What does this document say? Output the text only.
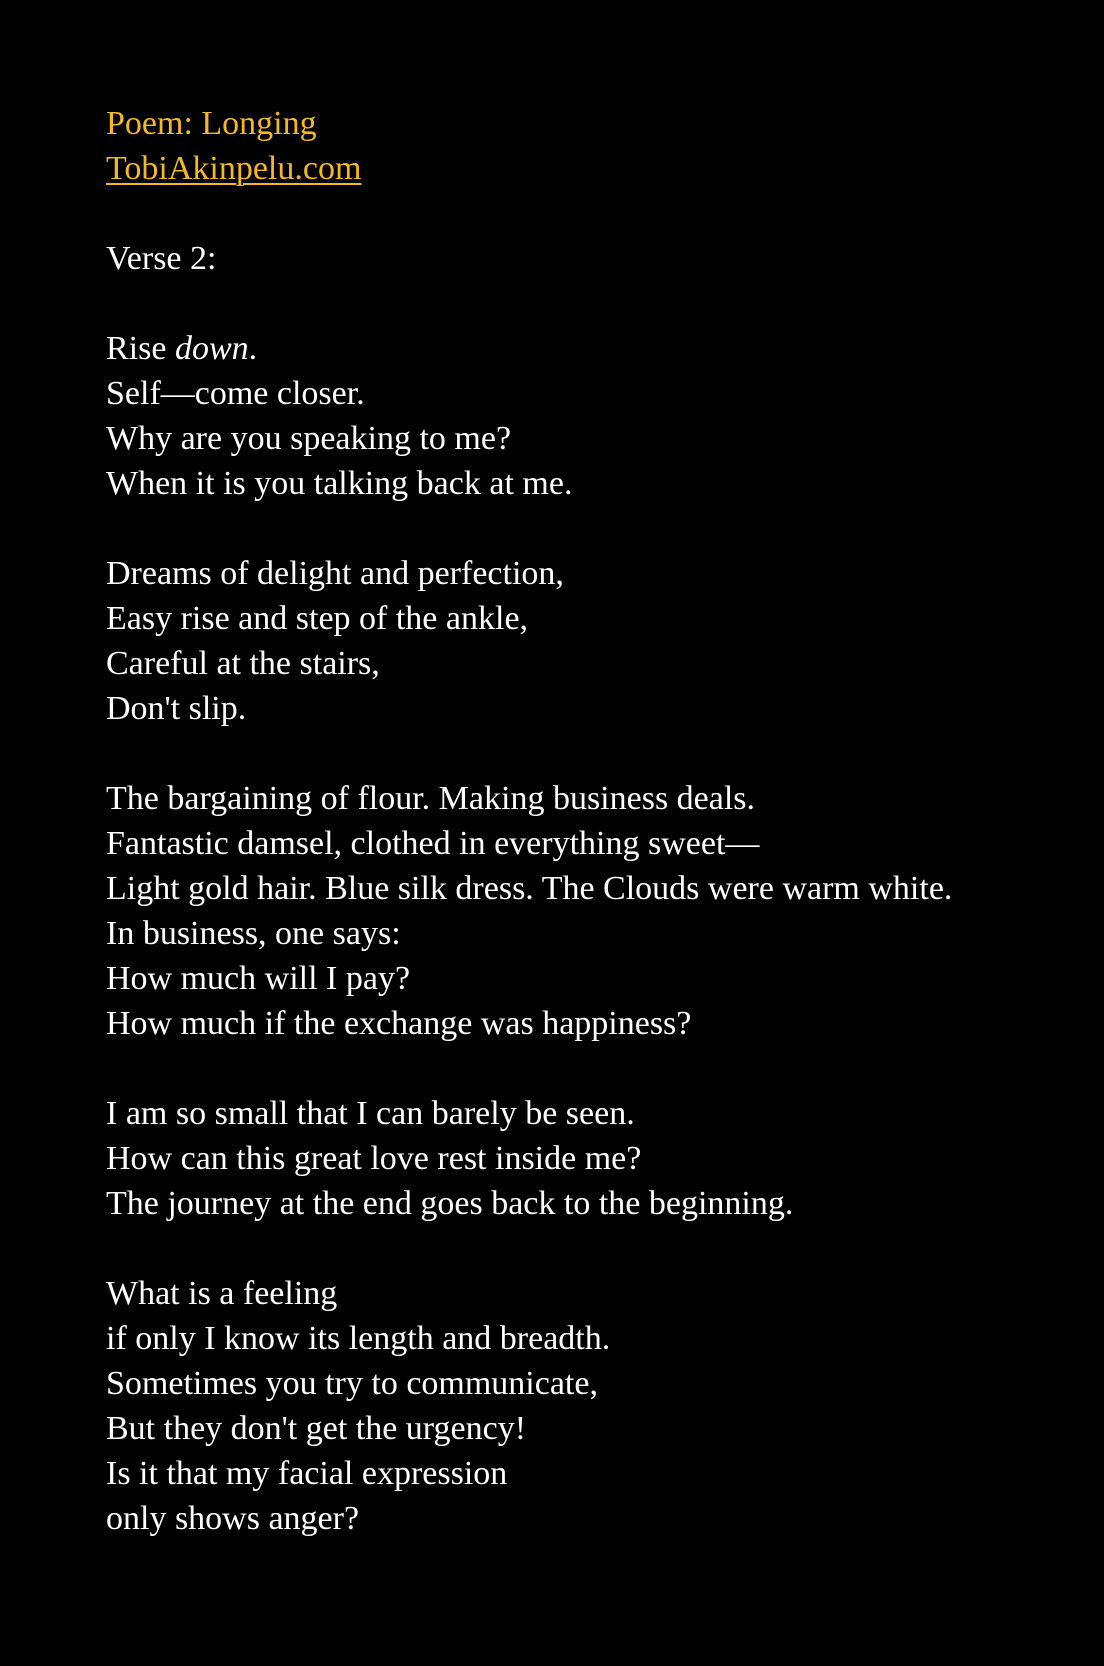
Poem: Longing
TobiAkinpelu.com
Verse 2:
Rise down.
Self—come closer.
Why are you speaking to me?
When it is you talking back at me.
Dreams of delight and perfection,
Easy rise and step of the ankle,
Careful at the stairs,
Don't slip.
The bargaining of flour. Making business deals.
Fantastic damsel, clothed in everything sweet—
Light gold hair. Blue silk dress. The Clouds were warm white.
In business, one says:
How much will I pay?
How much if the exchange was happiness?
I am so small that I can barely be seen.
How can this great love rest inside me?
The journey at the end goes back to the beginning.
What is a feeling
if only I know its length and breadth.
Sometimes you try to communicate,
But they don't get the urgency!
Is it that my facial expression
only shows anger?
